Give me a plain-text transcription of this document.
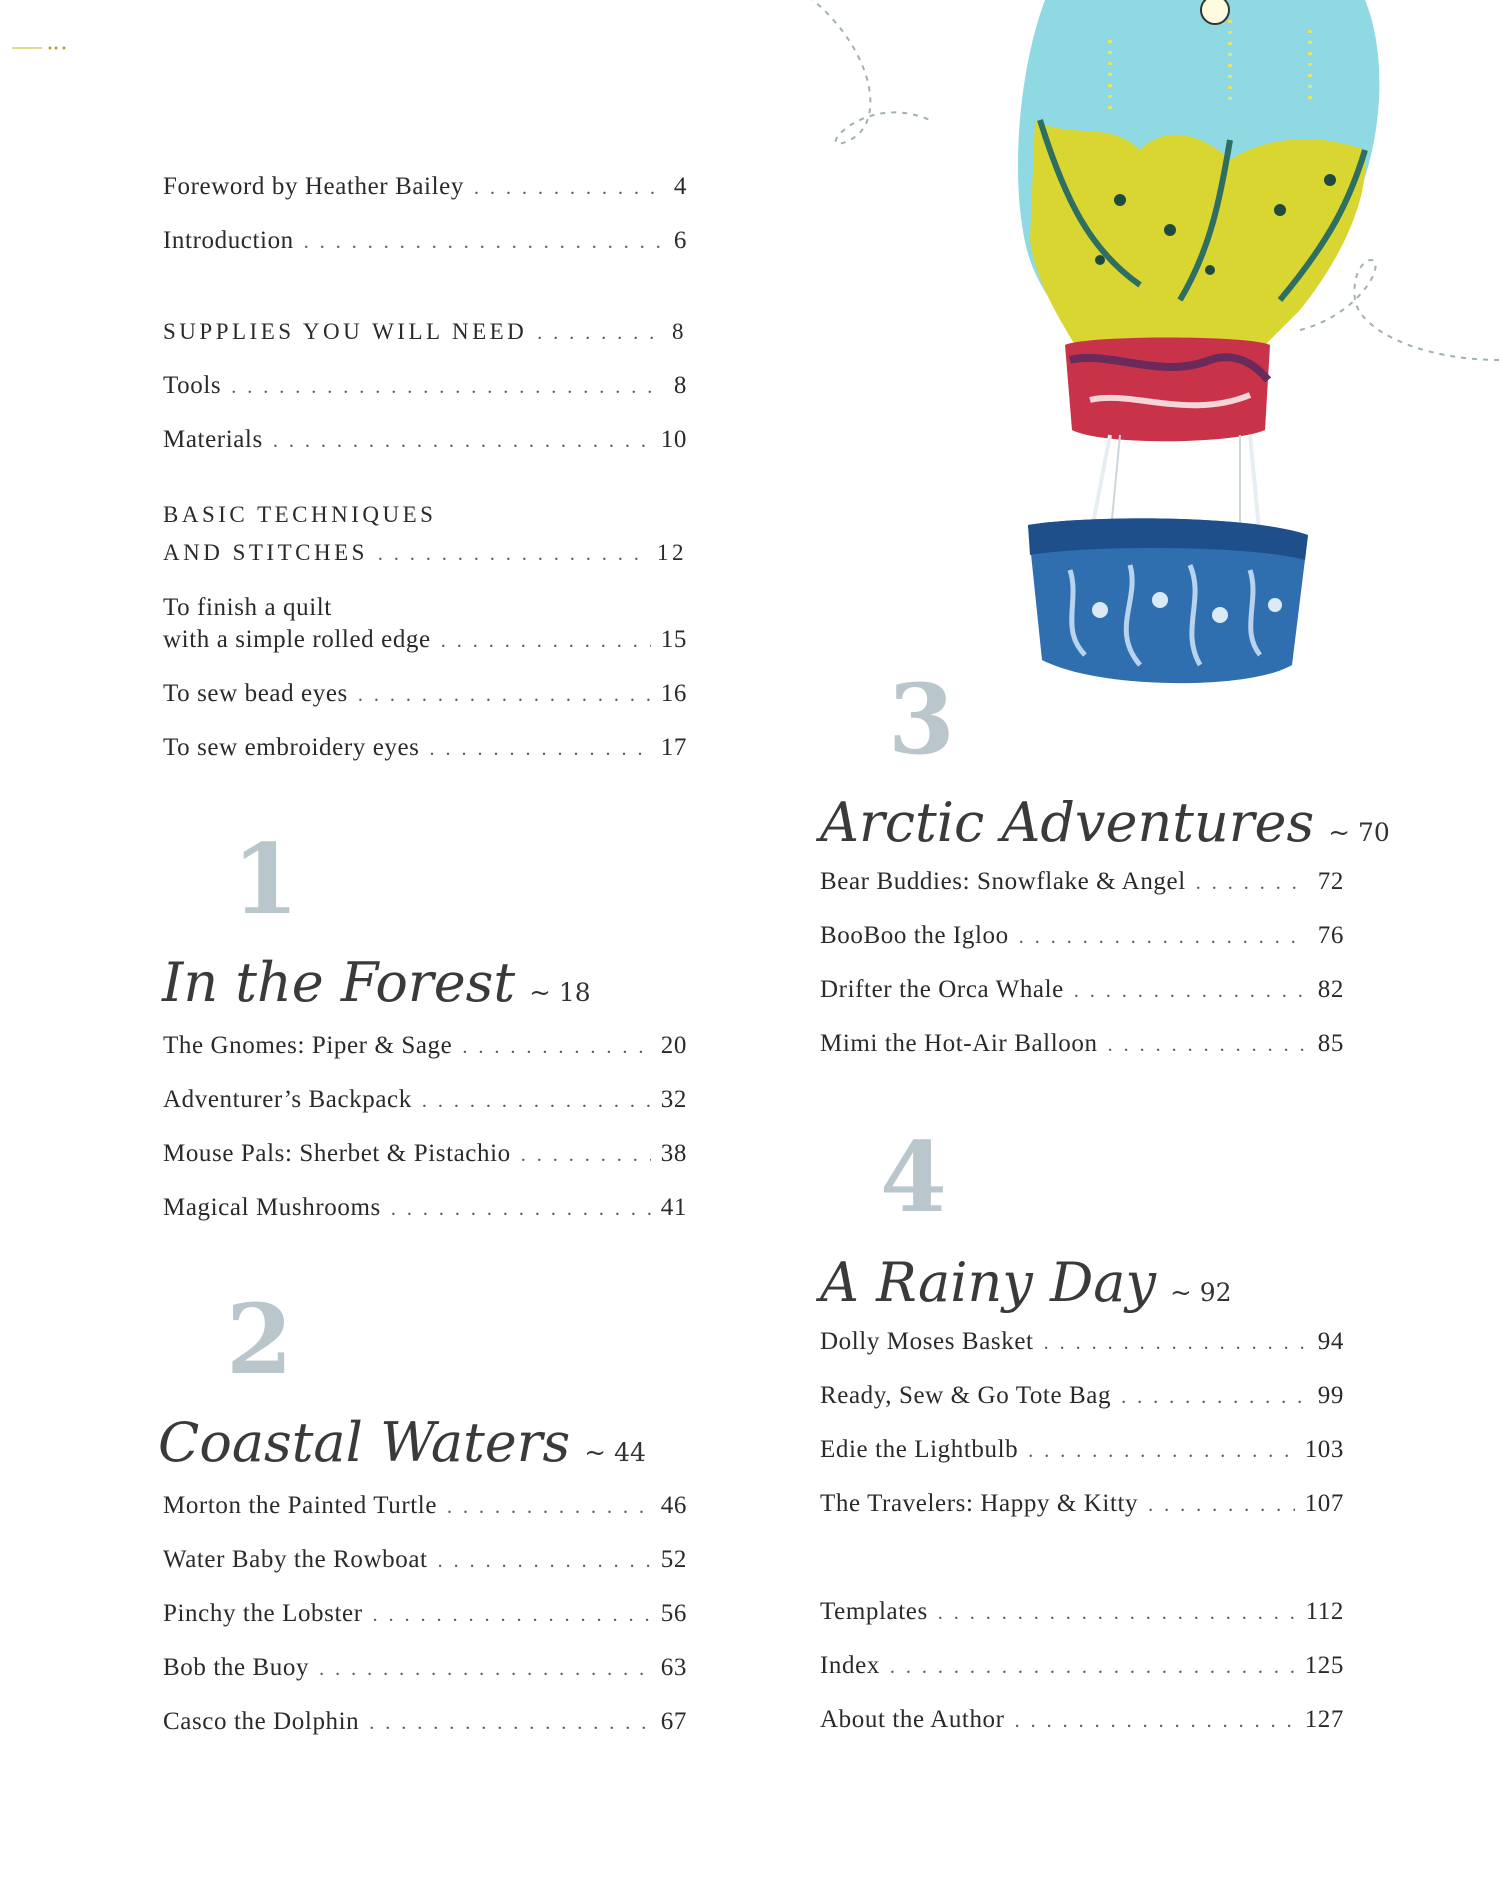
Foreword by Heather Bailey . . .	4
Introduction . . .	6
SUPPLIES YOU WILL NEED . . .	8
Tools . . .	8
Materials . . .	10
BASIC TECHNIQUES
AND STITCHES . . .	12
To finish a quilt
with a simple rolled edge . . .	15
To sew bead eyes . . .	16
To sew embroidery eyes . . .	17
1
In the Forest ~ 18
The Gnomes: Piper & Sage . . .	20
Adventurer’s Backpack . . .	32
Mouse Pals: Sherbet & Pistachio . . .	38
Magical Mushrooms . . .	41
2
Coastal Waters ~ 44
Morton the Painted Turtle . . .	46
Water Baby the Rowboat . . .	52
Pinchy the Lobster . . .	56
Bob the Buoy . . .	63
Casco the Dolphin . . .	67
3
Arctic Adventures ~ 70
Bear Buddies: Snowflake & Angel . . .	72
BooBoo the Igloo . . .	76
Drifter the Orca Whale . . .	82
Mimi the Hot-Air Balloon . . .	85
4
A Rainy Day ~ 92
Dolly Moses Basket . . .	94
Ready, Sew & Go Tote Bag . . .	99
Edie the Lightbulb . . .	103
The Travelers: Happy & Kitty . . .	107
Templates . . .	112
Index . . .	125
About the Author . . .	127
